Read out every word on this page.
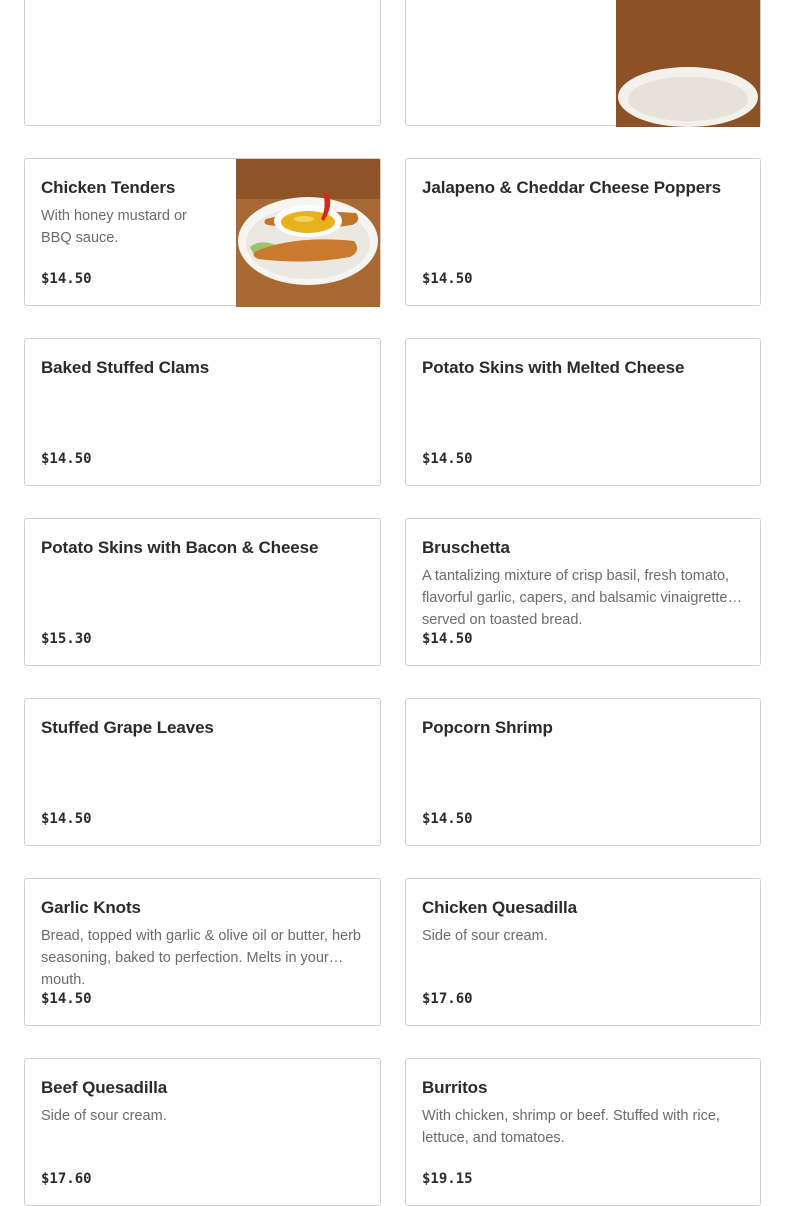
Chicken Tenders
With honey mustard or BBQ sauce.
$14.50
Jalapeno & Cheddar Cheese Poppers
$14.50
Baked Stuffed Clams
$14.50
Potato Skins with Melted Cheese
$14.50
Potato Skins with Bacon & Cheese
$15.30
Bruschetta
A tantalizing mixture of crisp basil, fresh tomato, flavorful garlic, capers, and balsamic vinaigrette served on toasted bread.
$14.50
Stuffed Grape Leaves
$14.50
Popcorn Shrimp
$14.50
Garlic Knots
Bread, topped with garlic & olive oil or butter, herb seasoning, baked to perfection. Melts in your mouth.
$14.50
Chicken Quesadilla
Side of sour cream.
$17.60
Beef Quesadilla
Side of sour cream.
$17.60
Burritos
With chicken, shrimp or beef. Stuffed with rice, lettuce, and tomatoes.
$19.15
